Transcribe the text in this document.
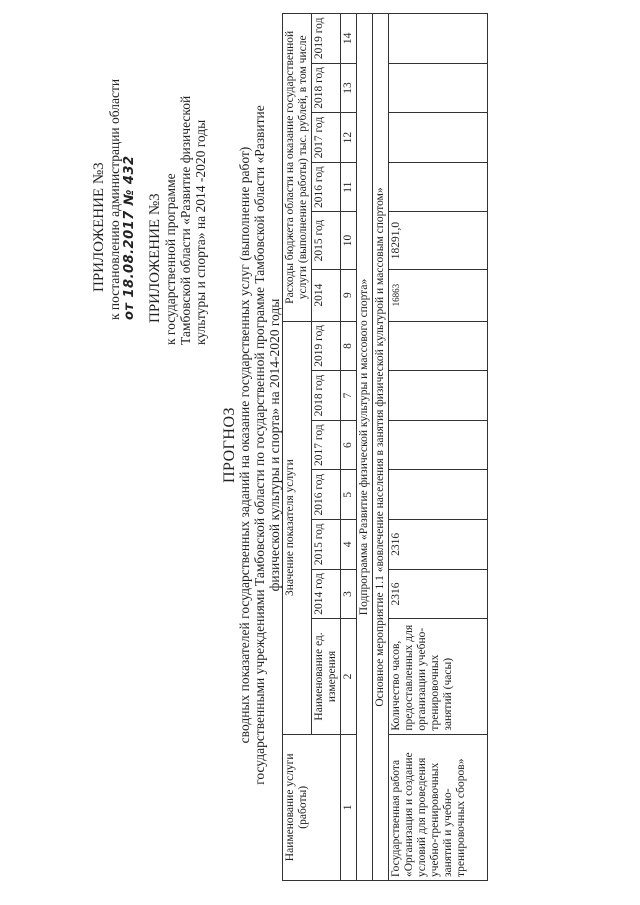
ПРИЛОЖЕНИЕ №3 к постановлению администрации области от 18.08.2017 № 432 ПРИЛОЖЕНИЕ №3 к государственной программе Тамбовской области «Развитие физической культуры и спорта» на 2014 -2020 годы
ПРОГНОЗ сводных показателей государственных заданий на оказание государственных услуг (выполнение работ) государственными учреждениями Тамбовской области по государственной программе Тамбовской области «Развитие физической культуры и спорта» на 2014-2020 годы
Наименование услуги (работы)	Значение показателя услуги							Расходы бюджета области на оказание государственной услуги (выполнение работы) тыс. рублей, в том числе					
	Наименование ед. измерения	2014 год	2015 год	2016 год	2017 год	2018 год	2019 год	2014	2015 год	2016 год	2017 год	2018 год	2019 год
1	2	3	4	5	6	7	8	9	10	11	12	13	14
Подпрограмма «Развитие физической культуры и массового спорта»													
Основное мероприятие 1.1 «вовлечение населения в занятия физической культурой и массовым спортом»													
Государственная работа «Организация и создание условий для проведения учебно-тренировочных занятий и учебно-тренировочных сборов»	Количество часов, предоставленных для организации учебно-тренировочных занятий (часы)	2316	2316					16863	18291,0				
